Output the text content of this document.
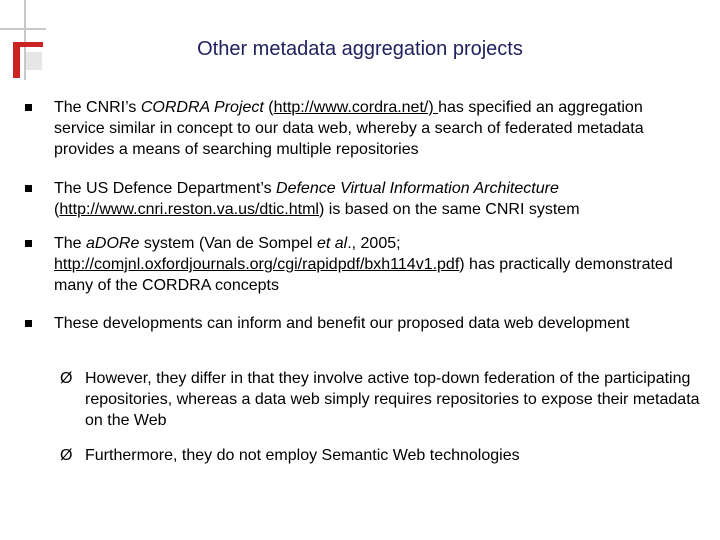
Other metadata aggregation projects
The CNRI’s CORDRA Project (http://www.cordra.net/) has specified an aggregation service similar in concept to our data web, whereby a search of federated metadata provides a means of searching multiple repositories
The US Defence Department’s Defence Virtual Information Architecture (http://www.cnri.reston.va.us/dtic.html) is based on the same CNRI system
The aDORe system (Van de Sompel et al., 2005; http://comjnl.oxfordjournals.org/cgi/rapidpdf/bxh114v1.pdf) has practically demonstrated many of the CORDRA concepts
These developments can inform and benefit our proposed data web development
Ø However, they differ in that they involve active top-down federation of the participating repositories, whereas a data web simply requires repositories to expose their metadata on the Web
Ø Furthermore, they do not employ Semantic Web technologies
